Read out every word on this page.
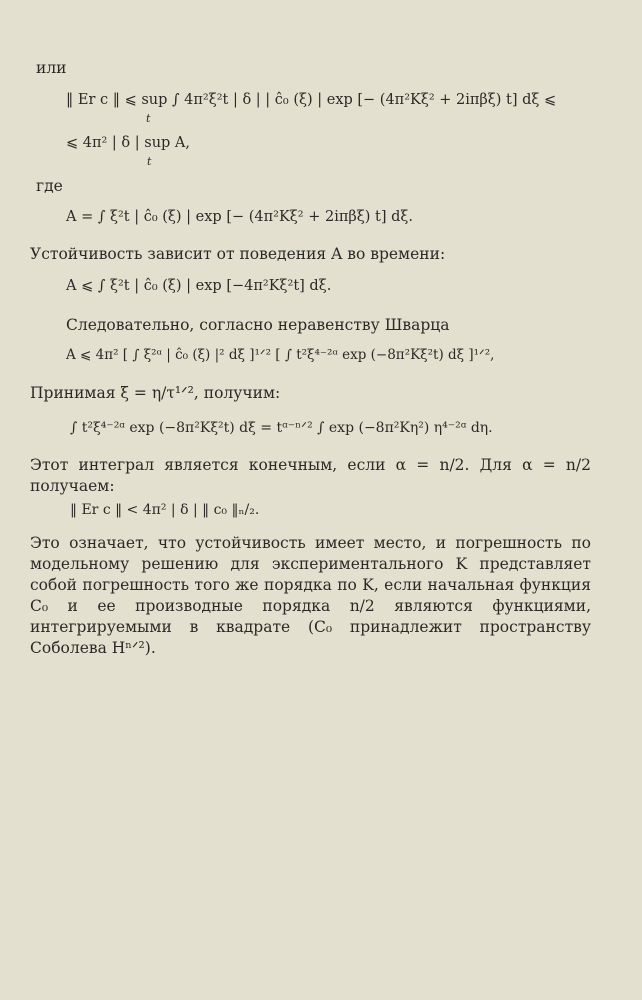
или
‖ Er c ‖ ⩽ sup ∫ 4π²ξ²t | δ | | ĉ₀ (ξ) | exp [− (4π²Kξ² + 2iπβξ) t] dξ ⩽
t
⩽ 4π² | δ | sup A,
t
где
A = ∫ ξ²t | ĉ₀ (ξ) | exp [− (4π²Kξ² + 2iπβξ) t] dξ.
Устойчивость зависит от поведения A во времени:
A ⩽ ∫ ξ²t | ĉ₀ (ξ) | exp [−4π²Kξ²t] dξ.
Следовательно, согласно неравенству Шварца
A ⩽ 4π² [ ∫ ξ²ᵅ | ĉ₀ (ξ) |² dξ ]¹ᐟ² [ ∫ t²ξ⁴⁻²ᵅ exp (−8π²Kξ²t) dξ ]¹ᐟ²,
Принимая ξ = η/τ¹ᐟ², получим:
∫ t²ξ⁴⁻²ᵅ exp (−8π²Kξ²t) dξ = tᵅ⁻ⁿᐟ² ∫ exp (−8π²Kη²) η⁴⁻²ᵅ dη.
Этот интеграл является конечным, если α = n/2. Для α = n/2 получаем:
‖ Er c ‖ < 4π² | δ | ‖ c₀ ‖ₙ/₂.
Это означает, что устойчивость имеет место, и погрешность по модельному решению для экспериментального K представляет собой погрешность того же порядка по K, если начальная функция C₀ и ее производные порядка n/2 являются функциями, интегрируемыми в квадрате (C₀ принадлежит пространству Соболева Hⁿᐟ²).
